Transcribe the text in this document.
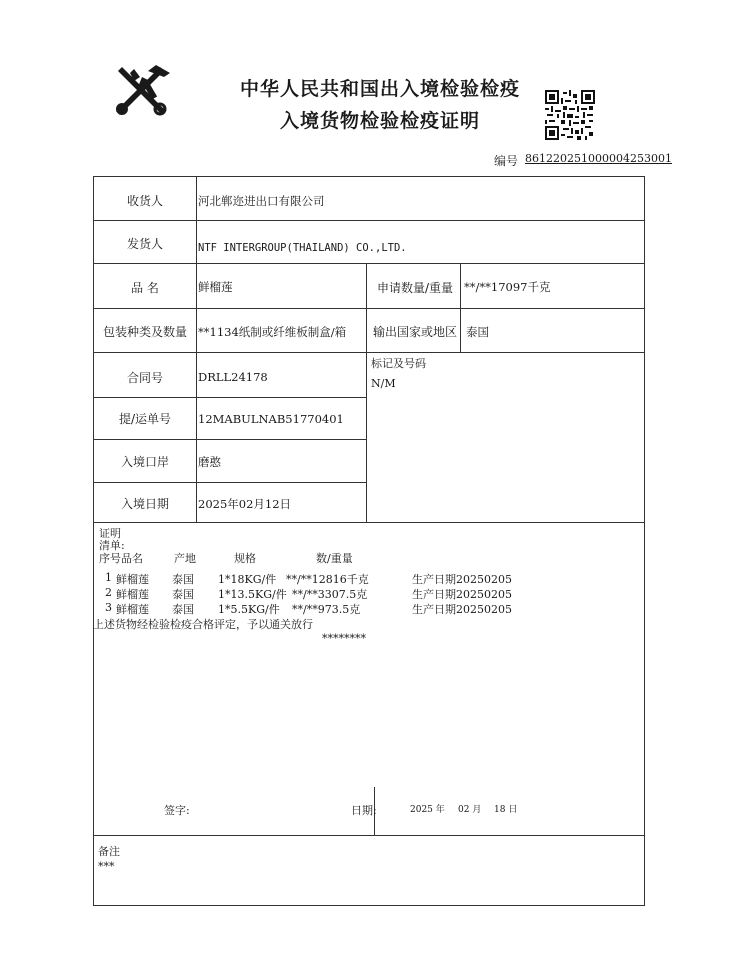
中华人民共和国出入境检验检疫
入境货物检验检疫证明
编号 861220251000004253001
收货人	河北郸迩进出口有限公司
发货人	NTF INTERGROUP(THAILAND) CO.,LTD.
品 名	鲜榴莲	申请数量/重量 **/**17097千克
包装种类及数量 **1134纸制或纤维板制盒/箱 输出国家或地区 泰国
合同号	DRLL24178
标记及号码
N/M
提/运单号	12MABULNAB51770401
入境口岸	磨憨
入境日期	2025年02月12日
证明
清单:
序号品名	产地	规格	数/重量
1 鲜榴莲 泰国 1*18KG/件 **/**12816千克	生产日期20250205
2 鲜榴莲 泰国 1*13.5KG/件 **/**3307.5克	生产日期20250205
3 鲜榴莲 泰国 1*5.5KG/件 **/**973.5克	生产日期20250205
上述货物经检验检疫合格评定，予以通关放行
********
签字:	日期:	2025 年 02 月 18 日
备注
***
